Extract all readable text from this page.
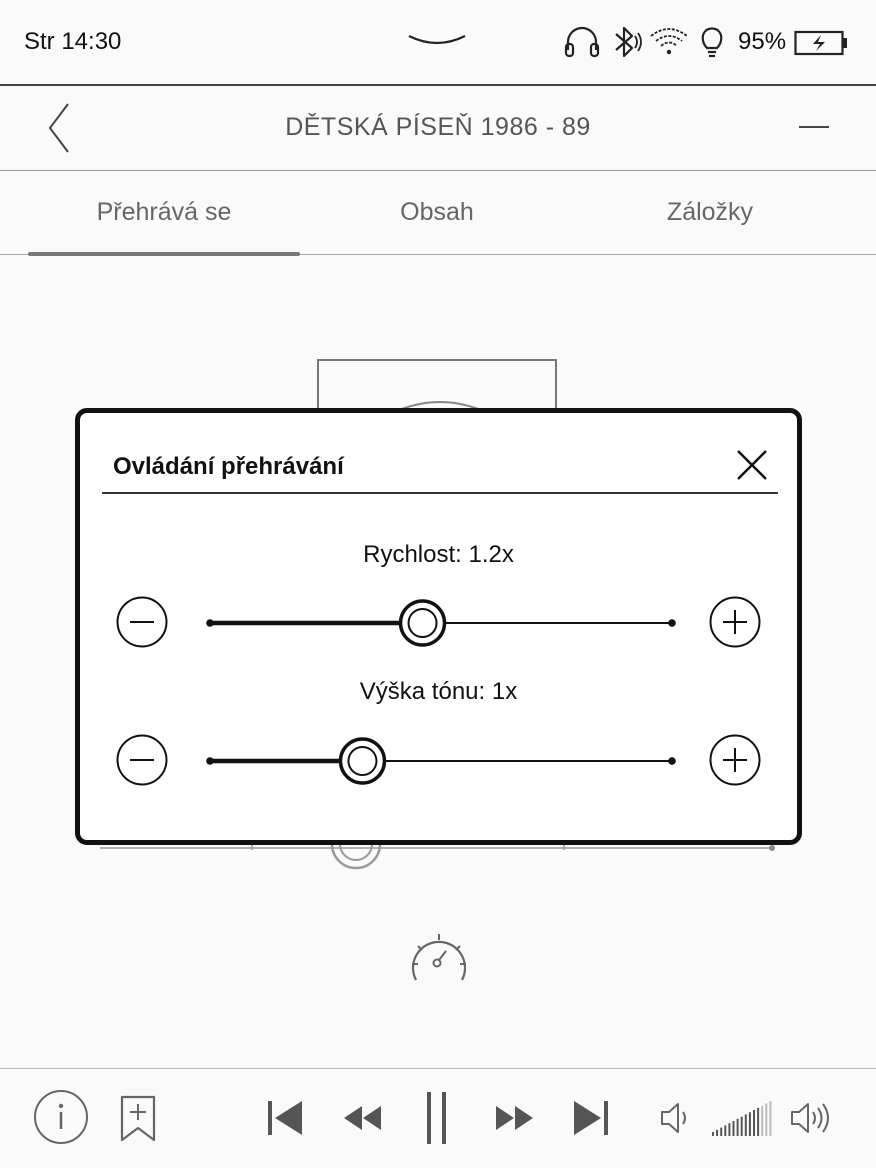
Str 14:30	95%
DĚTSKÁ PÍSEŇ 1986 - 89
Přehrává se	Obsah	Záložky
Ovládání přehrávání
Rychlost: 1.2x
Výška tónu: 1x
